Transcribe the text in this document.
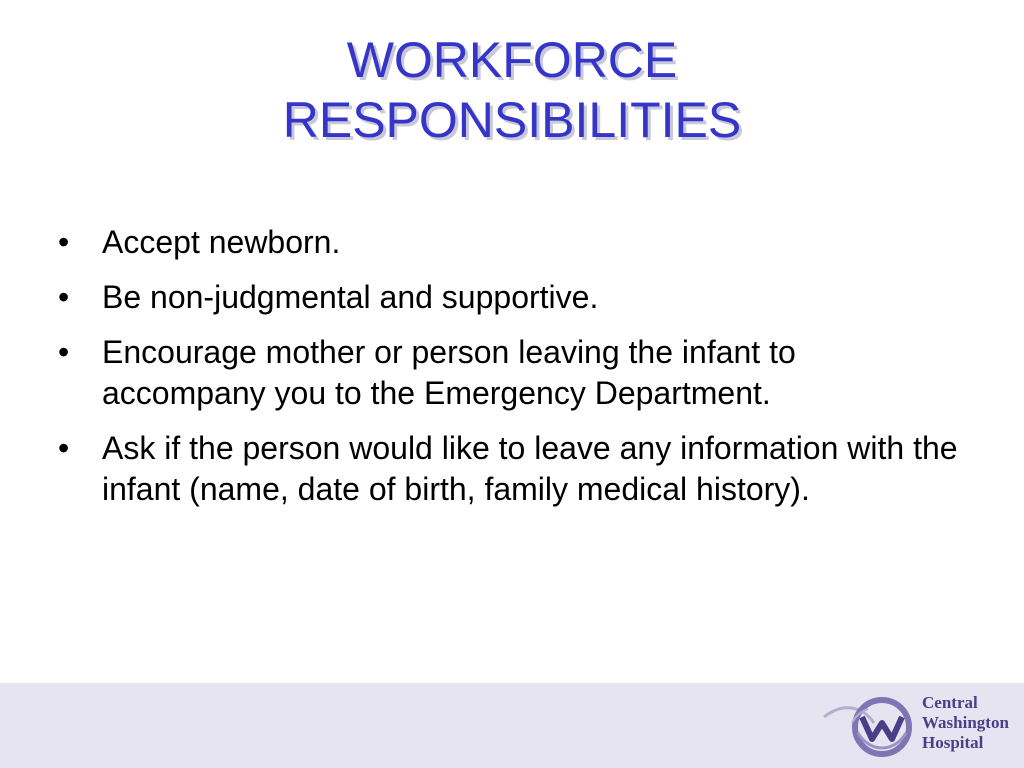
WORKFORCE
RESPONSIBILITIES
•	Accept newborn.
•	Be non-judgmental and supportive.
•	Encourage mother or person leaving the infant to accompany you to the Emergency Department.
•	Ask if the person would like to leave any information with the infant (name, date of birth, family medical history).
Central
Washington
Hospital
